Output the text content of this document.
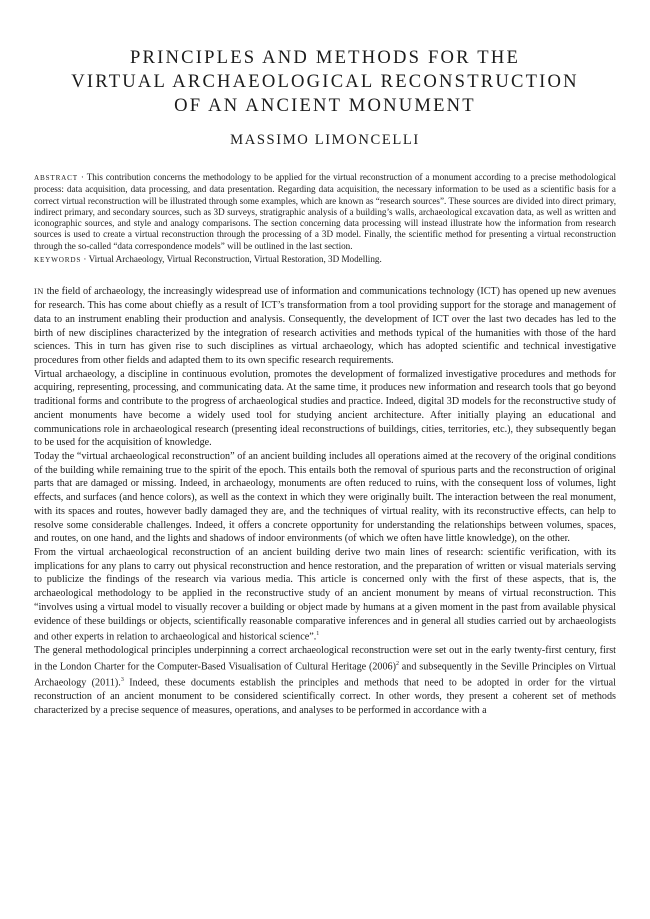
PRINCIPLES AND METHODS FOR THE
VIRTUAL ARCHAEOLOGICAL RECONSTRUCTION
OF AN ANCIENT MONUMENT
MASSIMO LIMONCELLI

ABSTRACT · This contribution concerns the methodology to be applied for the virtual reconstruction of a monument according to a precise methodological process: data acquisition, data processing, and data presentation. Regarding data acquisition, the necessary information to be used as a scientific basis for a correct virtual reconstruction will be illustrated through some examples, which are known as “research sources”. These sources are divided into direct primary, indirect primary, and secondary sources, such as 3D surveys, stratigraphic analysis of a building’s walls, archaeological excavation data, as well as written and iconographic sources, and style and analogy comparisons. The section concerning data processing will instead illustrate how the information from research sources is used to create a virtual reconstruction through the processing of a 3D model. Finally, the scientific method for presenting a virtual reconstruction through the so-called “data correspondence models” will be outlined in the last section.

KEYWORDS · Virtual Archaeology, Virtual Reconstruction, Virtual Restoration, 3D Modelling.

IN the field of archaeology, the increasingly widespread use of information and communications technology (ICT) has opened up new avenues for research. This has come about chiefly as a result of ICT’s transformation from a tool providing support for the storage and management of data to an instrument enabling their production and analysis. Consequently, the development of ICT over the last two decades has led to the birth of new disciplines characterized by the integration of research activities and methods typical of the humanities with those of the hard sciences. This in turn has given rise to such disciplines as virtual archaeology, which has adopted scientific and technical investigative procedures from other fields and adapted them to its own specific research requirements.

Virtual archaeology, a discipline in continuous evolution, promotes the development of formalized investigative procedures and methods for acquiring, representing, processing, and communicating data. At the same time, it produces new information and research tools that go beyond traditional forms and contribute to the progress of archaeological studies and practice. Indeed, digital 3D models for the reconstructive study of ancient monuments have become a widely used tool for studying ancient architecture. After initially playing an educational and communications role in archaeological research (presenting ideal reconstructions of buildings, cities, territories, etc.), they subsequently began to be used for the acquisition of knowledge.

Today the “virtual archaeological reconstruction” of an ancient building includes all operations aimed at the recovery of the original conditions of the building while remaining true to the spirit of the epoch. This entails both the removal of spurious parts and the reconstruction of original parts that are damaged or missing. Indeed, in archaeology, monuments are often reduced to ruins, with the consequent loss of volumes, light effects, and surfaces (and hence colors), as well as the context in which they were originally built. The interaction between the real monument, with its spaces and routes, however badly damaged they are, and the techniques of virtual reality, with its reconstructive effects, can help to resolve some considerable challenges. Indeed, it offers a concrete opportunity for understanding the relationships between volumes, spaces, and routes, on one hand, and the lights and shadows of indoor environments (of which we often have little knowledge), on the other.

From the virtual archaeological reconstruction of an ancient building derive two main lines of research: scientific verification, with its implications for any plans to carry out physical reconstruction and hence restoration, and the preparation of written or visual materials serving to publicize the findings of the research via various media. This article is concerned only with the first of these aspects, that is, the archaeological methodology to be applied in the reconstructive study of an ancient monument by means of virtual reconstruction. This “involves using a virtual model to visually recover a building or object made by humans at a given moment in the past from available physical evidence of these buildings or objects, scientifically reasonable comparative inferences and in general all studies carried out by archaeologists and other experts in relation to archaeological and historical science”.$^1$

The general methodological principles underpinning a correct archaeological reconstruction were set out in the early twenty-first century, first in the London Charter for the Computer-Based Visualisation of Cultural Heritage $(2006)^2$ and subsequently in the Seville Principles on Virtual Archaeology (2011).$^3$ Indeed, these documents establish the principles and methods that need to be adopted in order for the virtual reconstruction of an ancient monument to be considered scientifically correct. In other words, they present a coherent set of methods characterized by a precise sequence of measures, operations, and analyses to be performed in accordance with a
